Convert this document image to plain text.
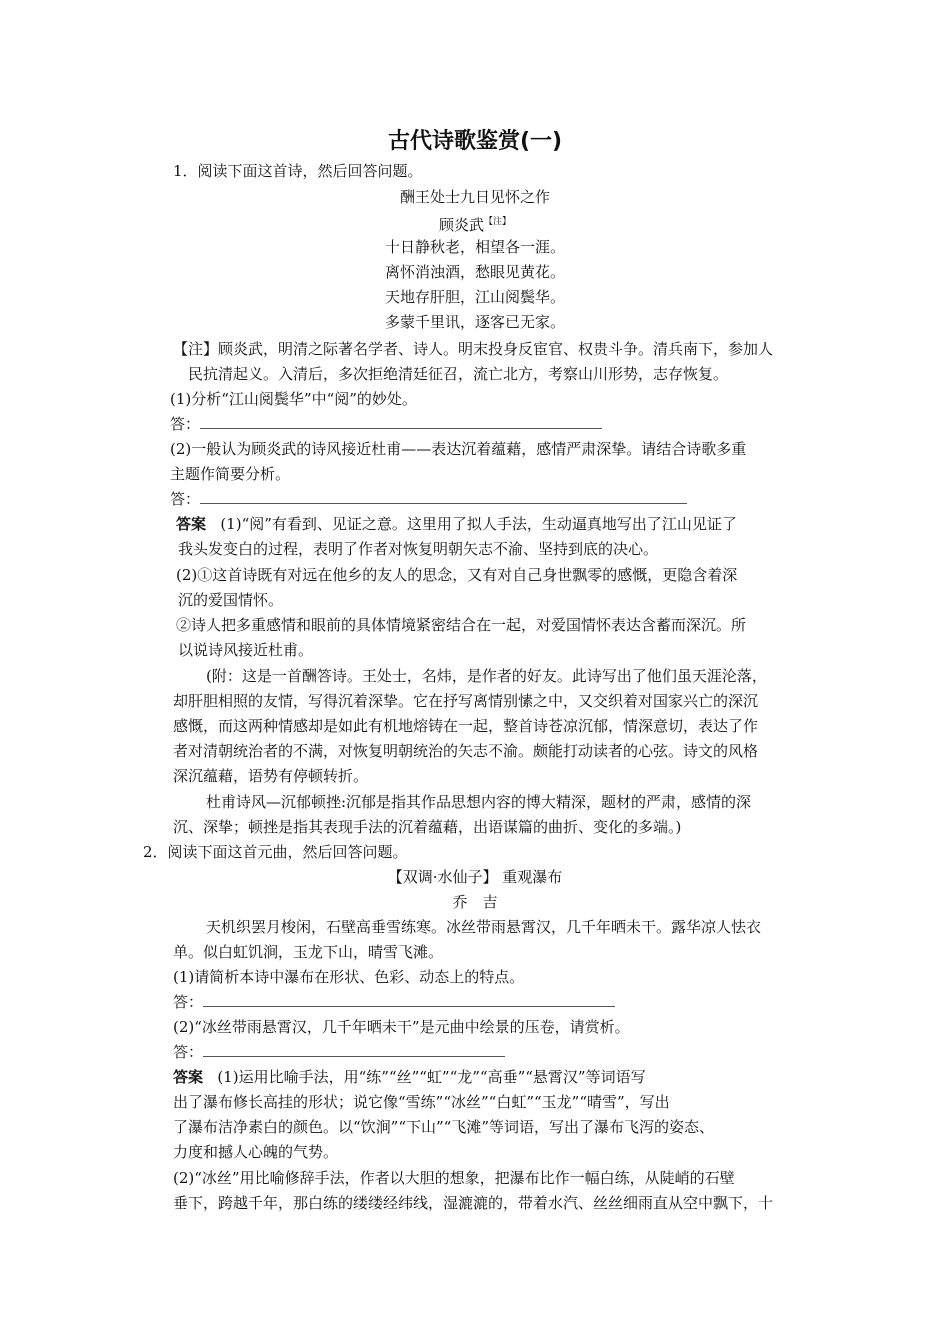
古代诗歌鉴赏(一)
1．阅读下面这首诗，然后回答问题。
酬王处士九日见怀之作
顾炎武$^{【注】}$
十日静秋老，相望各一涯。
离怀消浊酒，愁眼见黄花。
天地存肝胆，江山阅鬓华。
多蒙千里讯，逐客已无家。
【注】顾炎武，明清之际著名学者、诗人。明末投身反宦官、权贵斗争。清兵南下，参加人
民抗清起义。入清后，多次拒绝清廷征召，流亡北方，考察山川形势，志存恢复。
(1)分析“江山阅鬓华”中“阅”的妙处。
答：
(2)一般认为顾炎武的诗风接近杜甫——表达沉着蕴藉，感情严肃深挚。请结合诗歌多重
主题作简要分析。
答：
答案 (1)“阅”有看到、见证之意。这里用了拟人手法，生动逼真地写出了江山见证了
我头发变白的过程，表明了作者对恢复明朝矢志不渝、坚持到底的决心。
(2)①这首诗既有对远在他乡的友人的思念，又有对自己身世飘零的感慨，更隐含着深
沉的爱国情怀。
②诗人把多重感情和眼前的具体情境紧密结合在一起，对爱国情怀表达含蓄而深沉。所
以说诗风接近杜甫。
(附：这是一首酬答诗。王处士，名炜，是作者的好友。此诗写出了他们虽天涯沦落，
却肝胆相照的友情，写得沉着深挚。它在抒写离情别愫之中，又交织着对国家兴亡的深沉
感慨，而这两种情感却是如此有机地熔铸在一起，整首诗苍凉沉郁，情深意切，表达了作
者对清朝统治者的不满，对恢复明朝统治的矢志不渝。颇能打动读者的心弦。诗文的风格
深沉蕴藉，语势有停顿转折。
杜甫诗风—沉郁顿挫:沉郁是指其作品思想内容的博大精深，题材的严肃，感情的深
沉、深挚；顿挫是指其表现手法的沉着蕴藉，出语谋篇的曲折、变化的多端。)
2．阅读下面这首元曲，然后回答问题。
【双调·水仙子】 重观瀑布
乔　吉
天机织罢月梭闲，石壁高垂雪练寒。冰丝带雨悬霄汉，几千年晒未干。露华凉人怯衣
单。似白虹饥涧，玉龙下山，晴雪飞滩。
(1)请简析本诗中瀑布在形状、色彩、动态上的特点。
答：
(2)“冰丝带雨悬霄汉，几千年晒未干”是元曲中绘景的压卷，请赏析。
答：
答案 (1)运用比喻手法，用“练”“丝”“虹”“龙”“高垂”“悬霄汉”等词语写
出了瀑布修长高挂的形状；说它像“雪练”“冰丝”“白虹”“玉龙”“晴雪”，写出
了瀑布洁净素白的颜色。以“饮涧”“下山”“飞滩”等词语，写出了瀑布飞泻的姿态、
力度和撼人心魄的气势。
(2)“冰丝”用比喻修辞手法，作者以大胆的想象，把瀑布比作一幅白练，从陡峭的石壁
垂下，跨越千年，那白练的缕缕经纬线，湿漉漉的，带着水汽、丝丝细雨直从空中飘下，十
